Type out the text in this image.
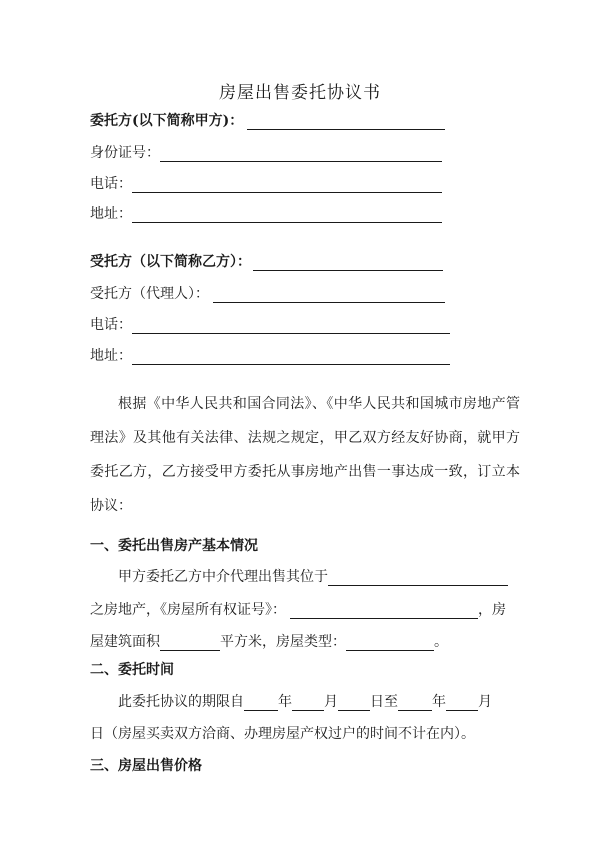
房屋出售委托协议书
委托方(以下简称甲方)：
身份证号：
电话：
地址：
受托方（以下简称乙方）：
受托方（代理人）：
电话：
地址：
根据《中华人民共和国合同法》、《中华人民共和国城市房地产管理法》及其他有关法律、法规之规定，甲乙双方经友好协商，就甲方委托乙方，乙方接受甲方委托从事房地产出售一事达成一致，订立本协议：
一、委托出售房产基本情况
甲方委托乙方中介代理出售其位于
之房地产，《房屋所有权证号》：	，房
屋建筑面积	平方米，房屋类型：	。
二、委托时间
此委托协议的期限自 年 月 日至 年 月
日（房屋买卖双方洽商、办理房屋产权过户的时间不计在内）。
三、房屋出售价格
